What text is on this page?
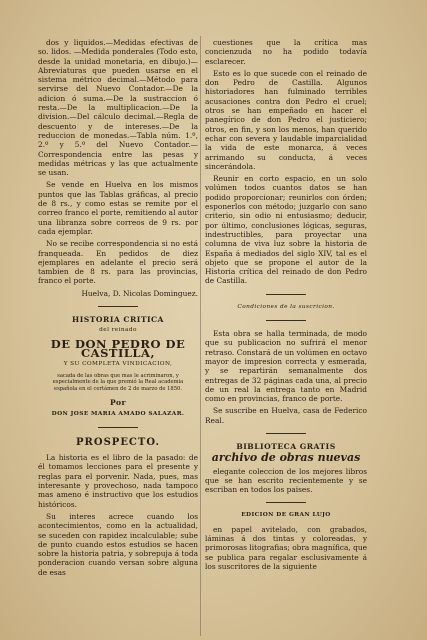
dos y liquidos.—Medidas efectivas de so. lidos. —Medida ponderales (Todo esto, desde la unidad monetaria, en dibujo.)— Abreviaturas que pueden usarse en el sistema métrico decimal.—Método para servirse del Nuevo Contador.—De la adicion ó suma.—De la sustraccion ó resta.—De la multiplicacion.—De la division.—Del cálculo decimal.—Regla de descuento y de intereses.—De la reduccion de monedas.—Tabla núm. 1.º, 2.º y 5.º del Nuevo Contador.—Correspondencia entre las pesas y medidas métricas y las que actualmente se usan.

Se vende en Huelva en los mismos puntos que las Tablas gráficas, al precio de 8 rs., y como estas se remite por el correo franco el porte, remitiendo al autor una libranza sobre correos de 9 rs. por cada ejemplar.

No se recibe correspondencia si no está franqueada. En pedidos de diez ejemplares en adelante el precio será tambien de 8 rs. para las provincias, franco el porte.

Huelva, D. Nicolas Dominguez.

HISTORIA CRITICA
del reinado
DE DON PEDRO DE CASTILLA,
Y SU COMPLETA VINDICACION,
sacada de las obras que mas le acriminaron, y especialmente de la que premió la Real academia española en el certámen de 2 de marzo de 1850.
Por
DON JOSE MARIA AMADO SALAZAR.
PROSPECTO.

La historia es el libro de la pasado: de él tomamos lecciones para el presente y reglas para el porvenir. Nada, pues, mas interesante y provechoso, nada tampoco mas ameno é instructivo que los estudios históricos.

Su interes acrece cuando los acontecimientos, como en la actualidad, se suceden con rapidez incalculable; sube de punto cuando estos estudios se hacen sobre la historia patria, y sobrepuja á toda ponderacion cuando versan sobre alguna de esas

cuestiones que la crítica mas concienzuda no ha podido todavía esclarecer.

Esto es lo que sucede con el reinado de don Pedro de Castilla. Algunos historiadores han fulminado terribles acusaciones contra don Pedro el cruel; otros se han empeñado en hacer el panegírico de don Pedro el justiciero; otros, en fin, y son los menos, han querido echar con severa y laudable imparcialidad la vida de este monarca, á veces arrimando su conducta, á veces sincerándola.

Reunir en corto espacio, en un solo volúmen todos cuantos datos se han podido proporcionar; reunirlos con órden; esponerlos con método; juzgarlo con sano criterio, sin odio ni entusiasmo; deducir, por último, conclusiones lógicas, seguras, indestructibles, para proyectar una columna de viva luz sobre la historia de España á mediados del siglo XIV, tal es el objeto que se propone el autor de la Historia crítica del reinado de don Pedro de Castilla.

Condiciones de la suscricion.

Esta obra se halla terminada, de modo que su publicacion no sufrirá el menor retraso. Constará de un volúmen en octavo mayor de impresion correcta y esmerada, y se repartirán semanalmente dos entregas de 32 páginas cada una, al precio de un real la entrega tanto en Madrid como en provincias, franco de porte.

Se suscribe en Huelva, casa de Federico Real.

BIBLIOTECA GRATIS
archivo de obras nuevas

elegante coleccion de los mejores libros que se han escrito recientemente y se escriban en todos los paises.

EDICION DE GRAN LUJO

en papel avitelado, con grabados, láminas á dos tintas y coloreadas, y primorosas litografias; obra magnífica, que se publica para regalar esclusivamente á los suscritores de la siguiente
